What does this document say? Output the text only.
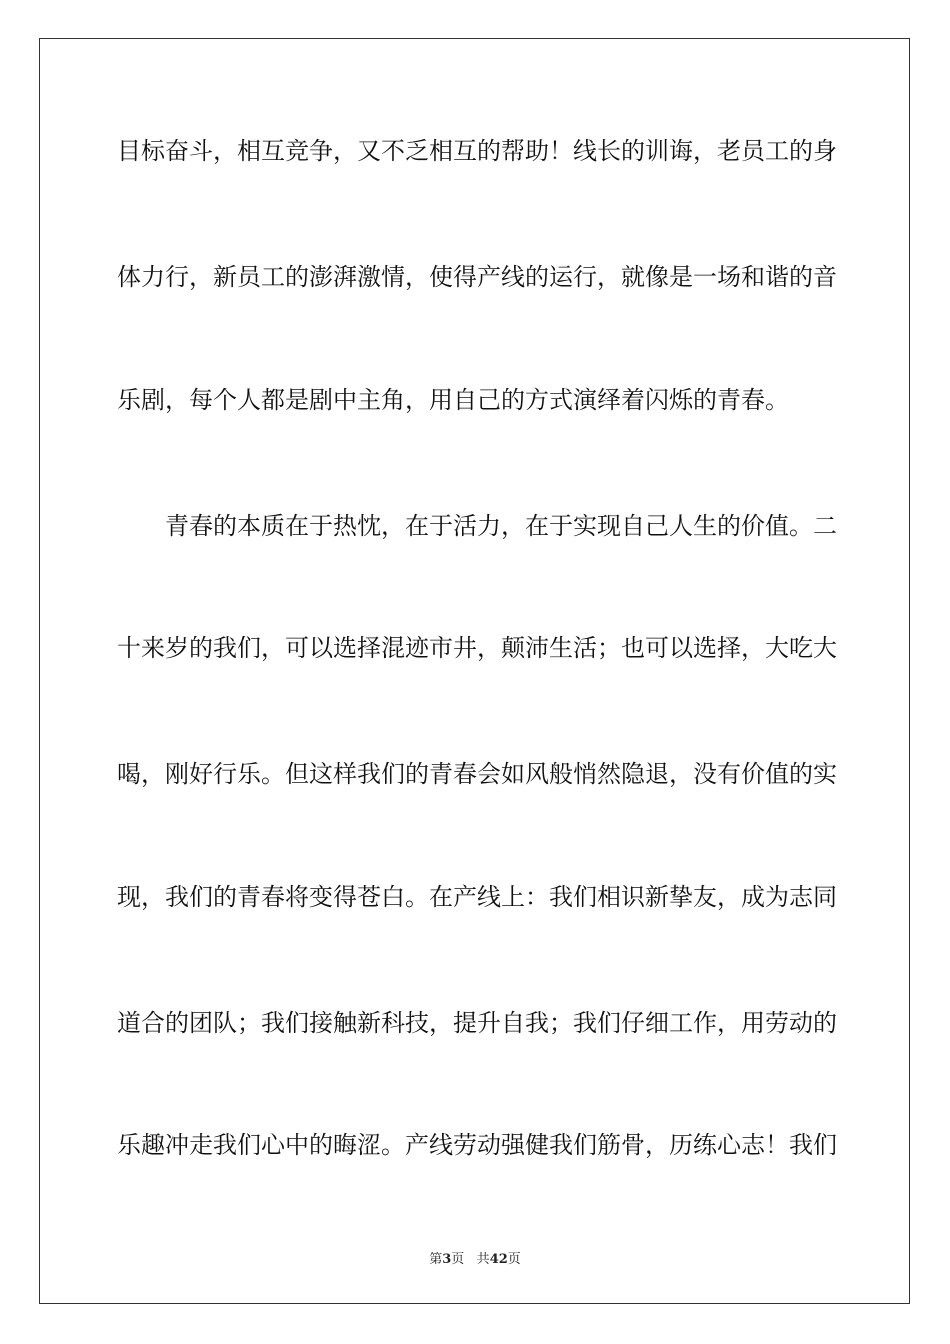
目标奋斗，相互竞争，又不乏相互的帮助！线长的训诲，老员工的身
体力行，新员工的澎湃激情，使得产线的运行，就像是一场和谐的音
乐剧，每个人都是剧中主角，用自己的方式演绎着闪烁的青春。
青春的本质在于热忱，在于活力，在于实现自己人生的价值。二
十来岁的我们，可以选择混迹市井，颠沛生活；也可以选择，大吃大
喝，刚好行乐。但这样我们的青春会如风般悄然隐退，没有价值的实
现，我们的青春将变得苍白。在产线上：我们相识新挚友，成为志同
道合的团队；我们接触新科技，提升自我；我们仔细工作，用劳动的
乐趣冲走我们心中的晦涩。产线劳动强健我们筋骨，历练心志！我们
第3页 共42页
